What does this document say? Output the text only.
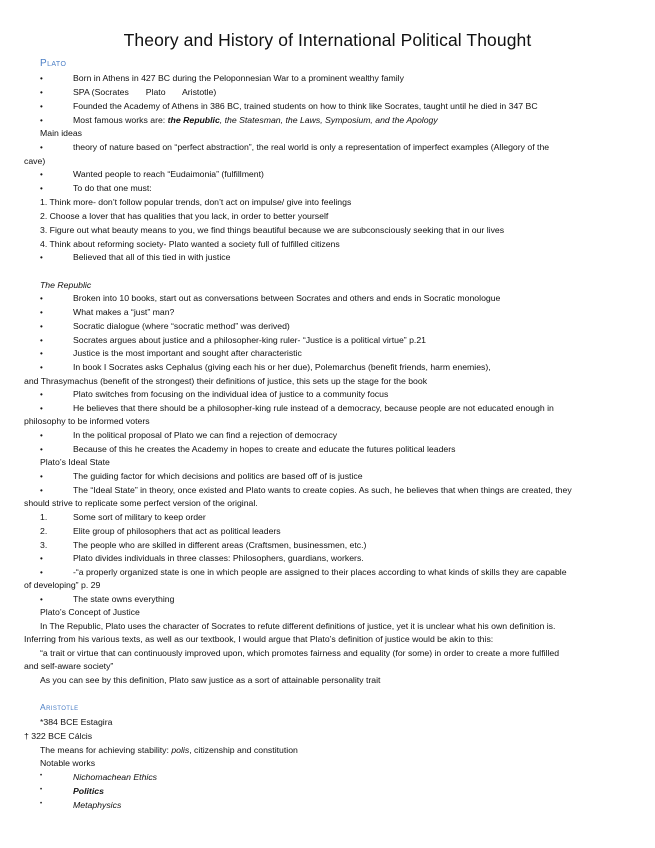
Theory and History of International Political Thought
Plato
•	Born in Athens in 427 BC during the Peloponnesian War to a prominent wealthy family
•	SPA (Socrates       Plato       Aristotle)
•	Founded the Academy of Athens in 386 BC, trained students on how to think like Socrates, taught until he died in 347 BC
•	Most famous works are: the Republic, the Statesman, the Laws, Symposium, and the Apology
Main ideas
•	theory of nature based on “perfect abstraction”, the real world is only a representation of imperfect examples (Allegory of the
cave)
•	Wanted people to reach “Eudaimonia” (fulfillment)
•	To do that one must:
1. Think more- don’t follow popular trends, don’t act on impulse/ give into feelings
2. Choose a lover that has qualities that you lack, in order to better yourself
3. Figure out what beauty means to you, we find things beautiful because we are subconsciously seeking that in our lives
4. Think about reforming society- Plato wanted a society full of fulfilled citizens
•	Believed that all of this tied in with justice
The Republic
•	Broken into 10 books, start out as conversations between Socrates and others and ends in Socratic monologue
•	What makes a “just” man?
•	Socratic dialogue (where “socratic method” was derived)
•	Socrates argues about justice and a philosopher-king ruler- “Justice is a political virtue” p.21
•	Justice is the most important and sought after characteristic
•	In book I Socrates asks Cephalus (giving each his or her due), Polemarchus (benefit friends, harm enemies),
and Thrasymachus (benefit of the strongest) their definitions of justice, this sets up the stage for the book
•	Plato switches from focusing on the individual idea of justice to a community focus
•	He believes that there should be a philosopher-king rule instead of a democracy, because people are not educated enough in
philosophy to be informed voters
•	In the political proposal of Plato we can find a rejection of democracy
•	Because of this he creates the Academy in hopes to create and educate the futures political leaders
Plato’s Ideal State
•	The guiding factor for which decisions and politics are based off of is justice
•	The “Ideal State” in theory, once existed and Plato wants to create copies. As such, he believes that when things are created, they
should strive to replicate some perfect version of the original.
1.	Some sort of military to keep order
2.	Elite group of philosophers that act as political leaders
3.	The people who are skilled in different areas (Craftsmen, businessmen, etc.)
•	Plato divides individuals in three classes: Philosophers, guardians, workers.
•	-“a properly organized state is one in which people are assigned to their places according to what kinds of skills they are capable
of developing” p. 29
•	The state owns everything
Plato’s Concept of Justice
In The Republic, Plato uses the character of Socrates to refute different definitions of justice, yet it is unclear what his own definition is.
Inferring from his various texts, as well as our textbook, I would argue that Plato’s definition of justice would be akin to this:
“a trait or virtue that can continuously improved upon, which promotes fairness and equality (for some) in order to create a more fulfilled
and self-aware society”
As you can see by this definition, Plato saw justice as a sort of attainable personality trait
Aristotle
*384 BCE Estagira
† 322 BCE Cálcis
The means for achieving stability: polis, citizenship and constitution
Notable works
•	Nichomachean Ethics
•	Politics
•	Metaphysics
